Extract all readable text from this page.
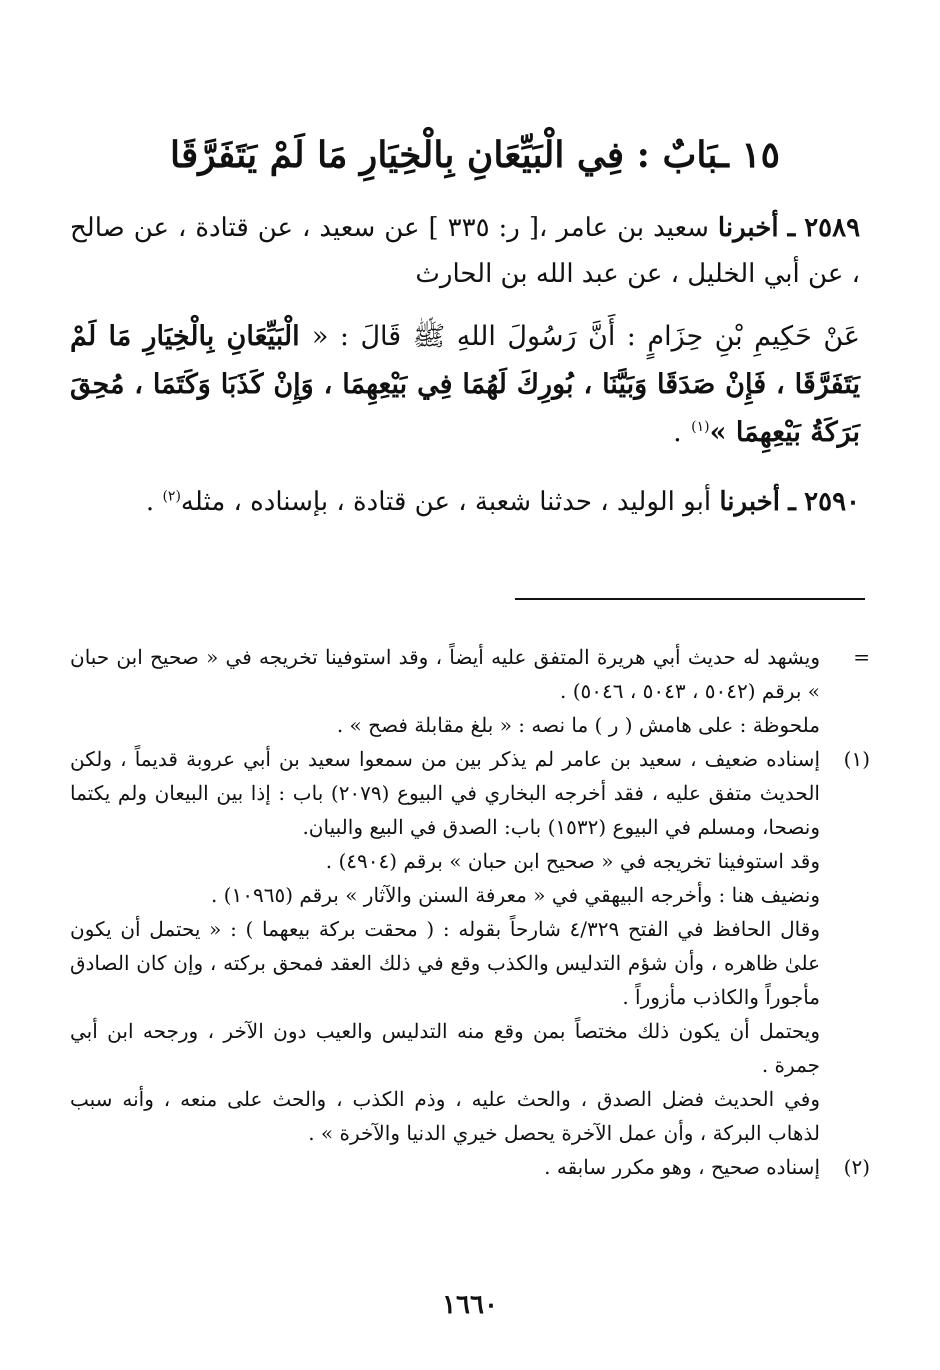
١٥ ـبَابٌ : فِي الْبَيِّعَانِ بِالْخِيَارِ مَا لَمْ يَتَفَرَّقَا

٢٥٨٩ ـ أخبرنا سعيد بن عامر ،[ ر: ٣٣٥ ] عن سعيد ، عن قتادة ، عن صالح ، عن أبي الخليل ، عن عبد الله بن الحارث

عَنْ حَكِيمِ بْنِ حِزَامٍ : أَنَّ رَسُولَ اللهِ ﷺ قَالَ : « الْبَيِّعَانِ بِالْخِيَارِ مَا لَمْ يَتَفَرَّقَا ، فَإِنْ صَدَقَا وَبَيَّنَا ، بُورِكَ لَهُمَا فِي بَيْعِهِمَا ، وَإِنْ كَذَبَا وَكَتَمَا ، مُحِقَ بَرَكَةُ بَيْعِهِمَا »$^{(١)}$ .

٢٥٩٠ ـ أخبرنا أبو الوليد ، حدثنا شعبة ، عن قتادة ، بإسناده ، مثله$^{(٢)}$ .

=

ويشهد له حديث أبي هريرة المتفق عليه أيضاً ، وقد استوفينا تخريجه في « صحيح ابن حبان » برقم (٥٠٤٢ ، ٥٠٤٣ ، ٥٠٤٦) .

ملحوظة : على هامش ( ر ) ما نصه : « بلغ مقابلة فصح » .

(١)

إسناده ضعيف ، سعيد بن عامر لم يذكر بين من سمعوا سعيد بن أبي عروبة قديماً ، ولكن الحديث متفق عليه ، فقد أخرجه البخاري في البيوع (٢٠٧٩) باب : إذا بين البيعان ولم يكتما ونصحا، ومسلم في البيوع (١٥٣٢) باب: الصدق في البيع والبيان.

وقد استوفينا تخريجه في « صحيح ابن حبان » برقم (٤٩٠٤) .

ونضيف هنا : وأخرجه البيهقي في « معرفة السنن والآثار » برقم (١٠٩٦٥) .

وقال الحافظ في الفتح ٤/٣٢٩ شارحاً بقوله : ( محقت بركة بيعهما ) : « يحتمل أن يكون علىٰ ظاهره ، وأن شؤم التدليس والكذب وقع في ذلك العقد فمحق بركته ، وإن كان الصادق مأجوراً والكاذب مأزوراً .

ويحتمل أن يكون ذلك مختصاً بمن وقع منه التدليس والعيب دون الآخر ، ورجحه ابن أبي جمرة .

وفي الحديث فضل الصدق ، والحث عليه ، وذم الكذب ، والحث على منعه ، وأنه سبب لذهاب البركة ، وأن عمل الآخرة يحصل خيري الدنيا والآخرة » .

(٢)

إسناده صحيح ، وهو مكرر سابقه .

١٦٦٠
